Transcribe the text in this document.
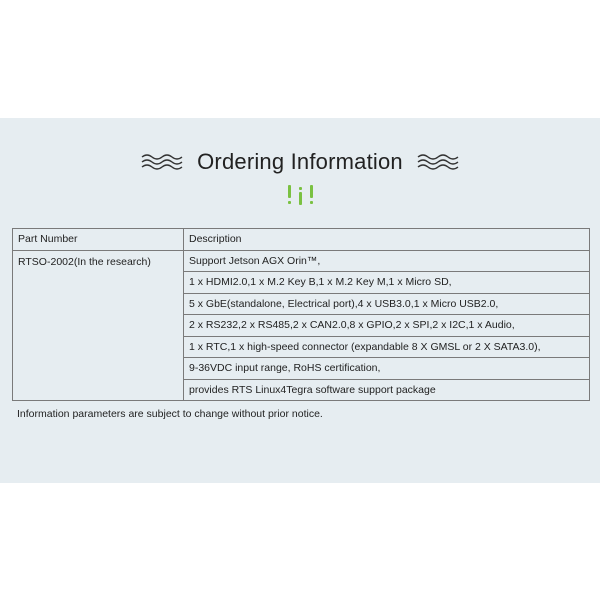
Ordering Information
Part Number	Description
RTSO-2002(In the research)	Support Jetson AGX Orin™,
	1 x HDMI2.0,1 x M.2 Key B,1 x M.2 Key M,1 x Micro SD,
	5 x GbE(standalone, Electrical port),4 x USB3.0,1 x Micro USB2.0,
	2 x RS232,2 x RS485,2 x CAN2.0,8 x GPIO,2 x SPI,2 x I2C,1 x Audio,
	1 x RTC,1 x high-speed connector (expandable 8 X GMSL or 2 X SATA3.0),
	9-36VDC input range, RoHS certification,
	provides RTS Linux4Tegra software support package
Information parameters are subject to change without prior notice.
